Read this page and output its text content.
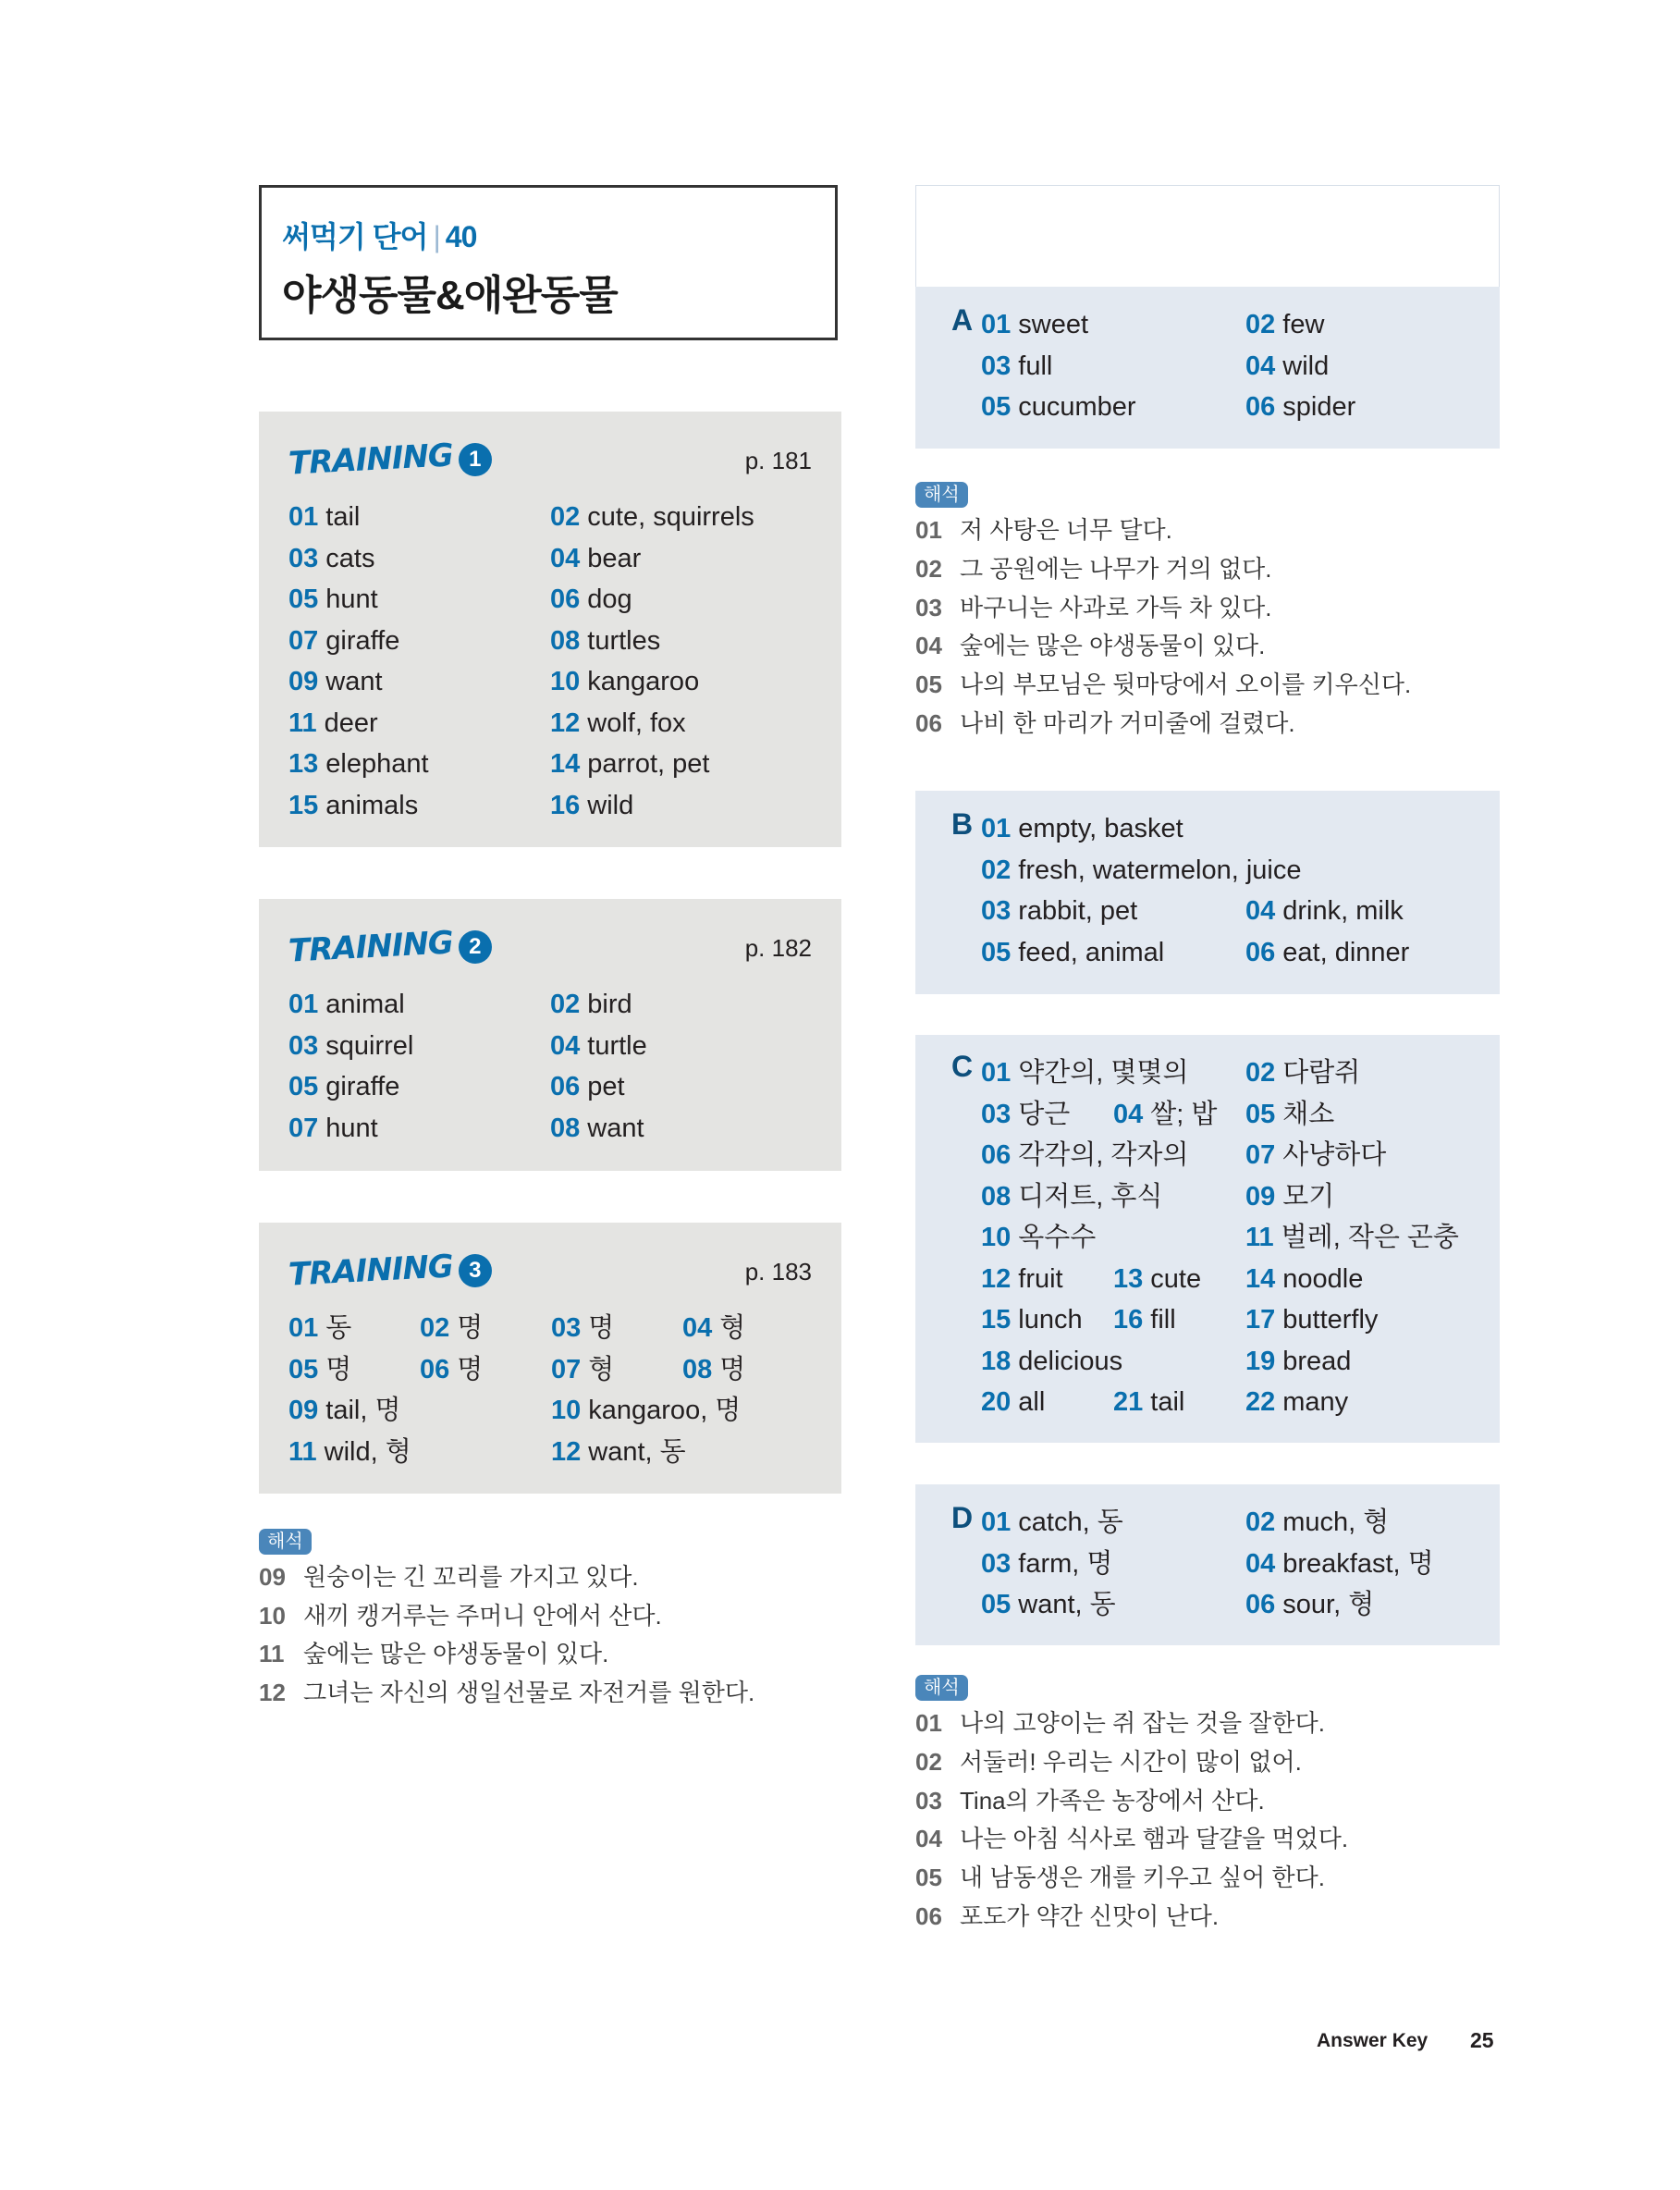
써먹기 단어 | 40
야생동물&애완동물
TRAINING 1	p. 181
01 tail	02 cute, squirrels
03 cats	04 bear
05 hunt	06 dog
07 giraffe	08 turtles
09 want	10 kangaroo
11 deer	12 wolf, fox
13 elephant	14 parrot, pet
15 animals	16 wild
TRAINING 2	p. 182
01 animal	02 bird
03 squirrel	04 turtle
05 giraffe	06 pet
07 hunt	08 want
TRAINING 3	p. 183
01 동	02 명	03 명	04 형
05 명	06 명	07 형	08 명
09 tail, 명	10 kangaroo, 명
11 wild, 형	12 want, 동
해석
09 원숭이는 긴 꼬리를 가지고 있다.
10 새끼 캥거루는 주머니 안에서 산다.
11 숲에는 많은 야생동물이 있다.
12 그녀는 자신의 생일선물로 자전거를 원한다.
A 01 sweet	02 few
03 full	04 wild
05 cucumber	06 spider
해석
01 저 사탕은 너무 달다.
02 그 공원에는 나무가 거의 없다.
03 바구니는 사과로 가득 차 있다.
04 숲에는 많은 야생동물이 있다.
05 나의 부모님은 뒷마당에서 오이를 키우신다.
06 나비 한 마리가 거미줄에 걸렸다.
B 01 empty, basket
02 fresh, watermelon, juice
03 rabbit, pet	04 drink, milk
05 feed, animal	06 eat, dinner
C 01 약간의, 몇몇의 02 다람쥐
03 당근	04 쌀; 밥	05 채소
06 각각의, 각자의 07 사냥하다
08 디저트, 후식	09 모기
10 옥수수	11 벌레, 작은 곤충
12 fruit	13 cute	14 noodle
15 lunch	16 fill	17 butterfly
18 delicious	19 bread
20 all	21 tail	22 many
D 01 catch, 동	02 much, 형
03 farm, 명	04 breakfast, 명
05 want, 동	06 sour, 형
해석
01 나의 고양이는 쥐 잡는 것을 잘한다.
02 서둘러! 우리는 시간이 많이 없어.
03 Tina의 가족은 농장에서 산다.
04 나는 아침 식사로 햄과 달걀을 먹었다.
05 내 남동생은 개를 키우고 싶어 한다.
06 포도가 약간 신맛이 난다.
Answer Key 25
